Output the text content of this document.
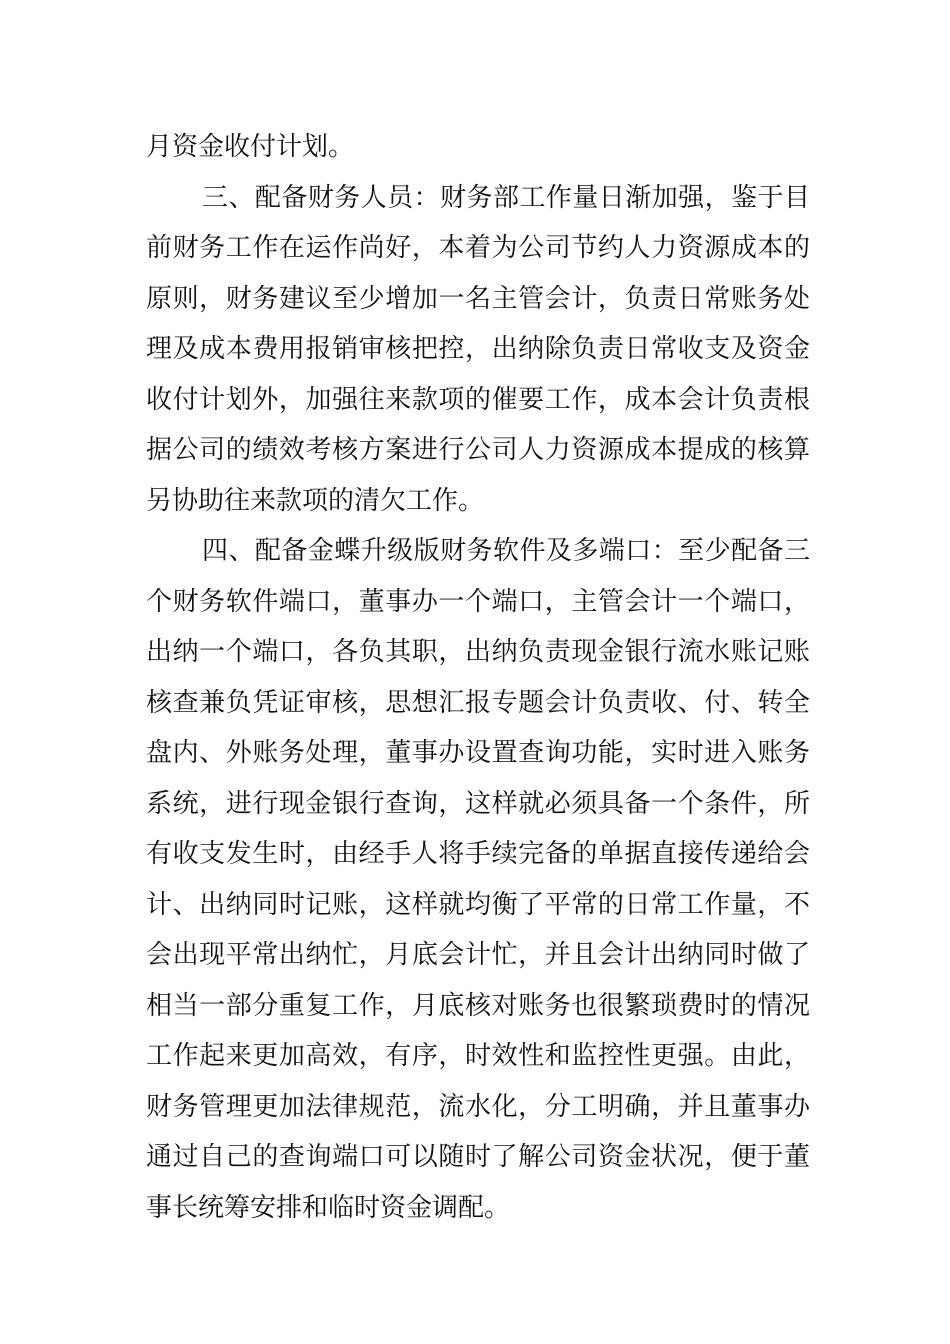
月资金收付计划。
三、配备财务人员：财务部工作量日渐加强，鉴于目
前财务工作在运作尚好，本着为公司节约人力资源成本的
原则，财务建议至少增加一名主管会计，负责日常账务处
理及成本费用报销审核把控，出纳除负责日常收支及资金
收付计划外，加强往来款项的催要工作，成本会计负责根
据公司的绩效考核方案进行公司人力资源成本提成的核算
另协助往来款项的清欠工作。
四、配备金蝶升级版财务软件及多端口：至少配备三
个财务软件端口，董事办一个端口，主管会计一个端口，
出纳一个端口，各负其职，出纳负责现金银行流水账记账
核查兼负凭证审核，思想汇报专题会计负责收、付、转全
盘内、外账务处理，董事办设置查询功能，实时进入账务
系统，进行现金银行查询，这样就必须具备一个条件，所
有收支发生时，由经手人将手续完备的单据直接传递给会
计、出纳同时记账，这样就均衡了平常的日常工作量，不
会出现平常出纳忙，月底会计忙，并且会计出纳同时做了
相当一部分重复工作，月底核对账务也很繁琐费时的情况
工作起来更加高效，有序，时效性和监控性更强。由此，
财务管理更加法律规范，流水化，分工明确，并且董事办
通过自己的查询端口可以随时了解公司资金状况，便于董
事长统筹安排和临时资金调配。
